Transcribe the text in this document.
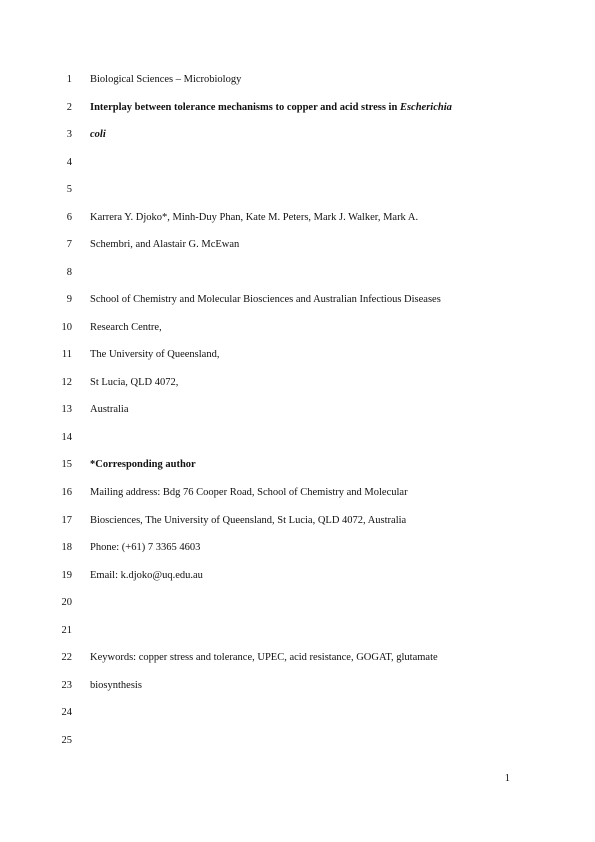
1 Biological Sciences – Microbiology
2 Interplay between tolerance mechanisms to copper and acid stress in Escherichia
3 coli
4
5
6 Karrera Y. Djoko*, Minh-Duy Phan, Kate M. Peters, Mark J. Walker, Mark A.
7 Schembri, and Alastair G. McEwan
8
9 School of Chemistry and Molecular Biosciences and Australian Infectious Diseases
10 Research Centre,
11 The University of Queensland,
12 St Lucia, QLD 4072,
13 Australia
14
15 *Corresponding author
16 Mailing address: Bdg 76 Cooper Road, School of Chemistry and Molecular
17 Biosciences, The University of Queensland, St Lucia, QLD 4072, Australia
18 Phone: (+61) 7 3365 4603
19 Email: k.djoko@uq.edu.au
20
21
22 Keywords: copper stress and tolerance, UPEC, acid resistance, GOGAT, glutamate
23 biosynthesis
24
25
1
